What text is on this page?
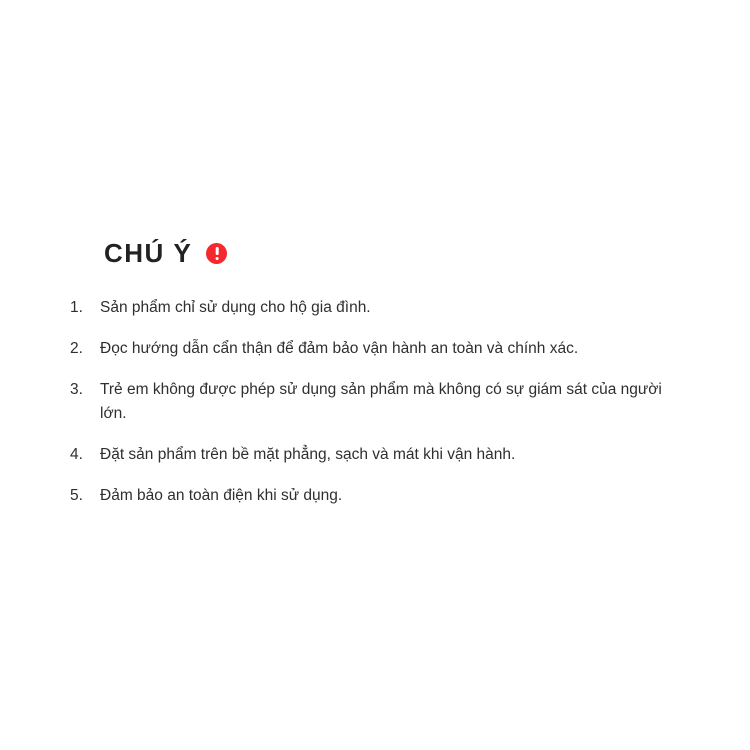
CHÚ Ý
1.	Sản phẩm chỉ sử dụng cho hộ gia đình.
2.	Đọc hướng dẫn cẩn thận để đảm bảo vận hành an toàn và chính xác.
3.	Trẻ em không được phép sử dụng sản phẩm mà không có sự giám sát của người lớn.
4.	Đặt sản phẩm trên bề mặt phẳng, sạch và mát khi vận hành.
5.	Đảm bảo an toàn điện khi sử dụng.
